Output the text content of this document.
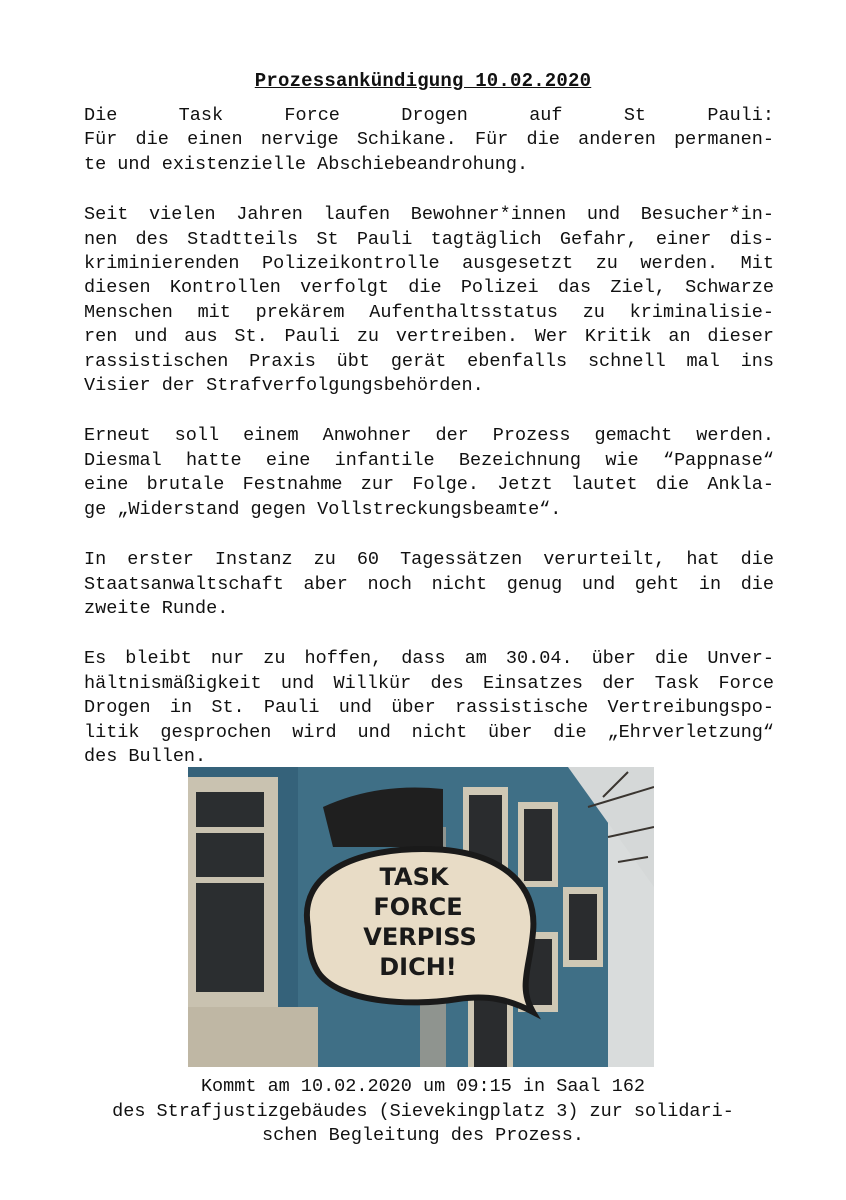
Prozessankündigung 10.02.2020
Die Task Force Drogen auf St Pauli:
Für die einen nervige Schikane. Für die anderen permanen-
te und existenzielle Abschiebeandrohung.
Seit vielen Jahren laufen Bewohner*innen und Besucher*in-
nen des Stadtteils St Pauli tagtäglich Gefahr, einer dis-
kriminierenden Polizeikontrolle ausgesetzt zu werden. Mit
diesen Kontrollen verfolgt die Polizei das Ziel, Schwarze
Menschen mit prekärem Aufenthaltsstatus zu kriminalisie-
ren und aus St. Pauli zu vertreiben. Wer Kritik an dieser
rassistischen Praxis übt gerät ebenfalls schnell mal ins
Visier der Strafverfolgungsbehörden.
Erneut soll einem Anwohner der Prozess gemacht werden.
Diesmal hatte eine infantile Bezeichnung wie “Pappnase“
eine brutale Festnahme zur Folge. Jetzt lautet die Ankla-
ge „Widerstand gegen Vollstreckungsbeamte“.
In erster Instanz zu 60 Tagessätzen verurteilt, hat die
Staatsanwaltschaft aber noch nicht genug und geht in die
zweite Runde.
Es bleibt nur zu hoffen, dass am 30.04. über die Unver-
hältnismäßigkeit und Willkür des Einsatzes der Task Force
Drogen in St. Pauli und über rassistische Vertreibungspo-
litik gesprochen wird und nicht über die „Ehrverletzung“
des Bullen.
TASK
FORCE
VERPISS
DICH!
Kommt am 10.02.2020 um 09:15 in Saal 162
des Strafjustizgebäudes (Sievekingplatz 3) zur solidari-
schen Begleitung des Prozess.
